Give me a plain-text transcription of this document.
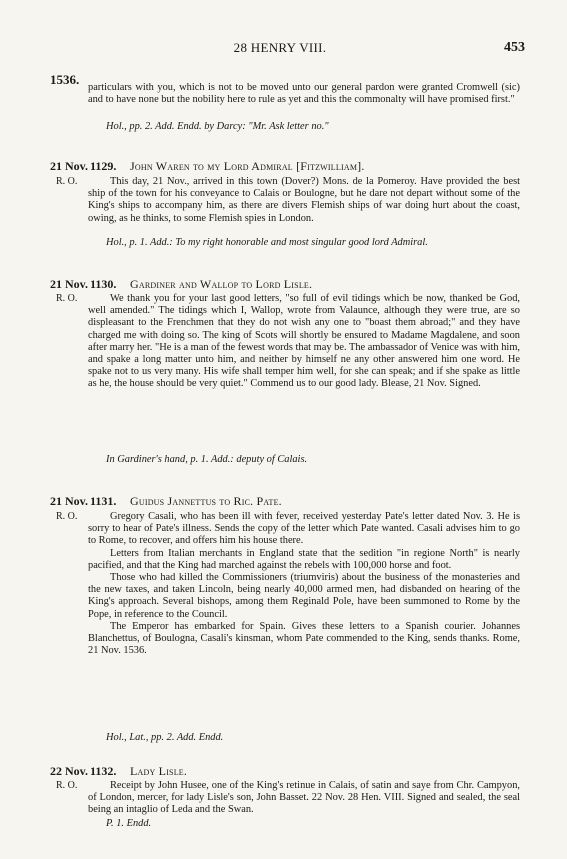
28 HENRY VIII.	453
1536.
particulars with you, which is not to be moved unto our general pardon were granted Cromwell (sic) and to have none but the nobility here to rule as yet and this the commonalty will have promised first."
Hol., pp. 2. Add. Endd. by Darcy: "Mr. Ask letter no."
21 Nov. 1129. John Waren to my Lord Admiral [Fitzwilliam].
R. O.	This day, 21 Nov., arrived in this town (Dover?) Mons. de la Pomeroy. Have provided the best ship of the town for his conveyance to Calais or Boulogne, but he dare not depart without some of the King's ships to accompany him, as there are divers Flemish ships of war doing hurt about the coast, owing, as he thinks, to some Flemish spies in London.
Hol., p. 1. Add.: To my right honorable and most singular good lord Admiral.
21 Nov. 1130. Gardiner and Wallop to Lord Lisle.
R. O.	We thank you for your last good letters, "so full of evil tidings which be now, thanked be God, well amended." The tidings which I, Wallop, wrote from Valaunce, although they were true, are so displeasant to the Frenchmen that they do not wish any one to "boast them abroad;" and they have charged me with doing so. The king of Scots will shortly be ensured to Madame Magdalene, and soon after marry her. "He is a man of the fewest words that may be. The ambassador of Venice was with him, and spake a long matter unto him, and neither by himself ne any other answered him one word. He spake not to us very many. His wife shall temper him well, for she can speak; and if she spake as little as he, the house should be very quiet." Commend us to our good lady. Blease, 21 Nov. Signed.
In Gardiner's hand, p. 1. Add.: deputy of Calais.
21 Nov. 1131. Guidus Jannettus to Ric. Pate.
R. O.	Gregory Casali, who has been ill with fever, received yesterday Pate's letter dated Nov. 3. He is sorry to hear of Pate's illness. Sends the copy of the letter which Pate wanted. Casali advises him to go to Rome, to recover, and offers him his house there.
Letters from Italian merchants in England state that the sedition "in regione North" is nearly pacified, and that the King had marched against the rebels with 100,000 horse and foot.
Those who had killed the Commissioners (triumviris) about the business of the monasteries and the new taxes, and taken Lincoln, being nearly 40,000 armed men, had disbanded on hearing of the King's approach. Several bishops, among them Reginald Pole, have been summoned to Rome by the Pope, in reference to the Council.
The Emperor has embarked for Spain. Gives these letters to a Spanish courier. Johannes Blanchettus, of Boulogna, Casali's kinsman, whom Pate commended to the King, sends thanks. Rome, 21 Nov. 1536.
Hol., Lat., pp. 2. Add. Endd.
22 Nov. 1132. Lady Lisle.
R. O.	Receipt by John Husee, one of the King's retinue in Calais, of satin and saye from Chr. Campyon, of London, mercer, for lady Lisle's son, John Basset. 22 Nov. 28 Hen. VIII. Signed and sealed, the seal being an intaglio of Leda and the Swan.
P. 1. Endd.
